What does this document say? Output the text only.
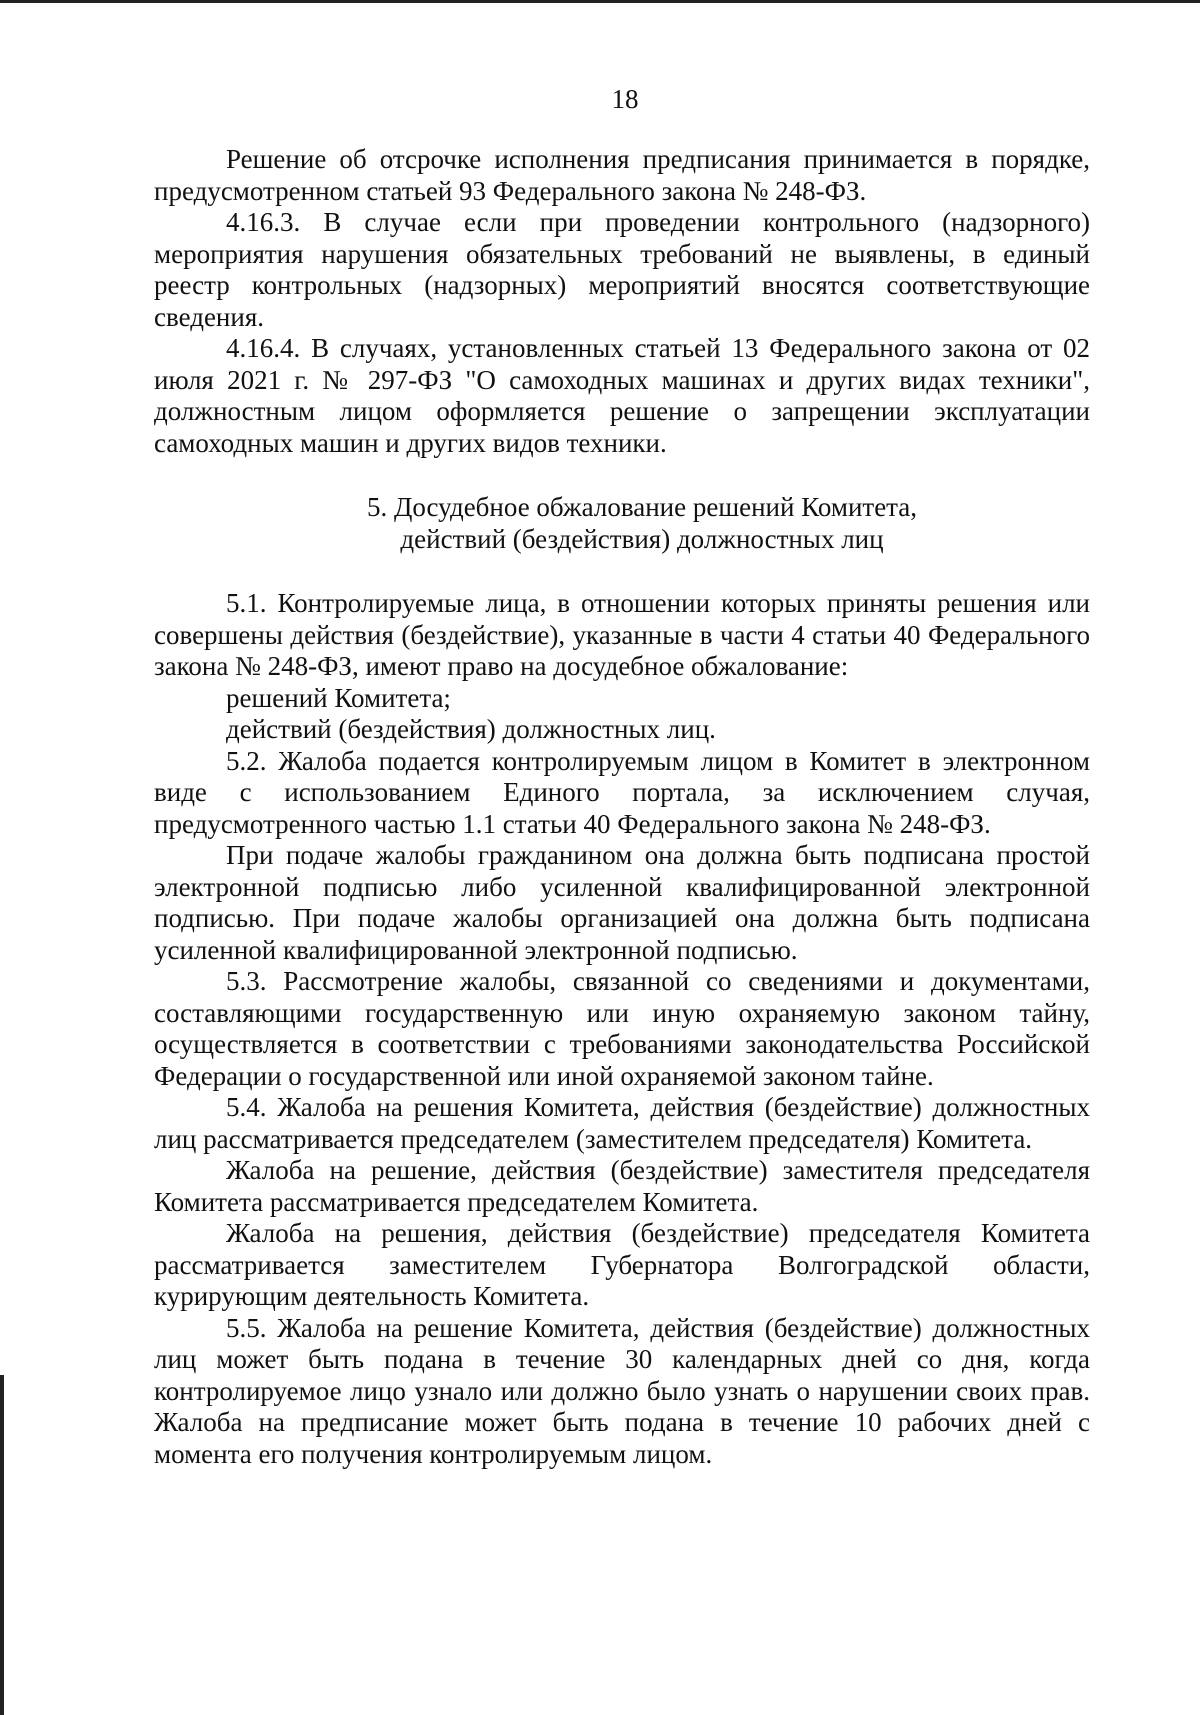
18

Решение об отсрочке исполнения предписания принимается в порядке, предусмотренном статьей 93 Федерального закона № 248-ФЗ.

4.16.3. В случае если при проведении контрольного (надзорного) мероприятия нарушения обязательных требований не выявлены, в единый реестр контрольных (надзорных) мероприятий вносятся соответствующие сведения.

4.16.4. В случаях, установленных статьей 13 Федерального закона от 02 июля 2021 г. № 297-ФЗ "О самоходных машинах и других видах техники", должностным лицом оформляется решение о запрещении эксплуатации самоходных машин и других видов техники.

5. Досудебное обжалование решений Комитета,

действий (бездействия) должностных лиц

5.1. Контролируемые лица, в отношении которых приняты решения или совершены действия (бездействие), указанные в части 4 статьи 40 Федерального закона № 248-ФЗ, имеют право на досудебное обжалование:

решений Комитета;

действий (бездействия) должностных лиц.

5.2. Жалоба подается контролируемым лицом в Комитет в электронном виде с использованием Единого портала, за исключением случая, предусмотренного частью 1.1 статьи 40 Федерального закона № 248-ФЗ.

При подаче жалобы гражданином она должна быть подписана простой электронной подписью либо усиленной квалифицированной электронной подписью. При подаче жалобы организацией она должна быть подписана усиленной квалифицированной электронной подписью.

5.3. Рассмотрение жалобы, связанной со сведениями и документами, составляющими государственную или иную охраняемую законом тайну, осуществляется в соответствии с требованиями законодательства Российской Федерации о государственной или иной охраняемой законом тайне.

5.4. Жалоба на решения Комитета, действия (бездействие) должностных лиц рассматривается председателем (заместителем председателя) Комитета.

Жалоба на решение, действия (бездействие) заместителя председателя Комитета рассматривается председателем Комитета.

Жалоба на решения, действия (бездействие) председателя Комитета рассматривается заместителем Губернатора Волгоградской области, курирующим деятельность Комитета.

5.5. Жалоба на решение Комитета, действия (бездействие) должностных лиц может быть подана в течение 30 календарных дней со дня, когда контролируемое лицо узнало или должно было узнать о нарушении своих прав. Жалоба на предписание может быть подана в течение 10 рабочих дней с момента его получения контролируемым лицом.
